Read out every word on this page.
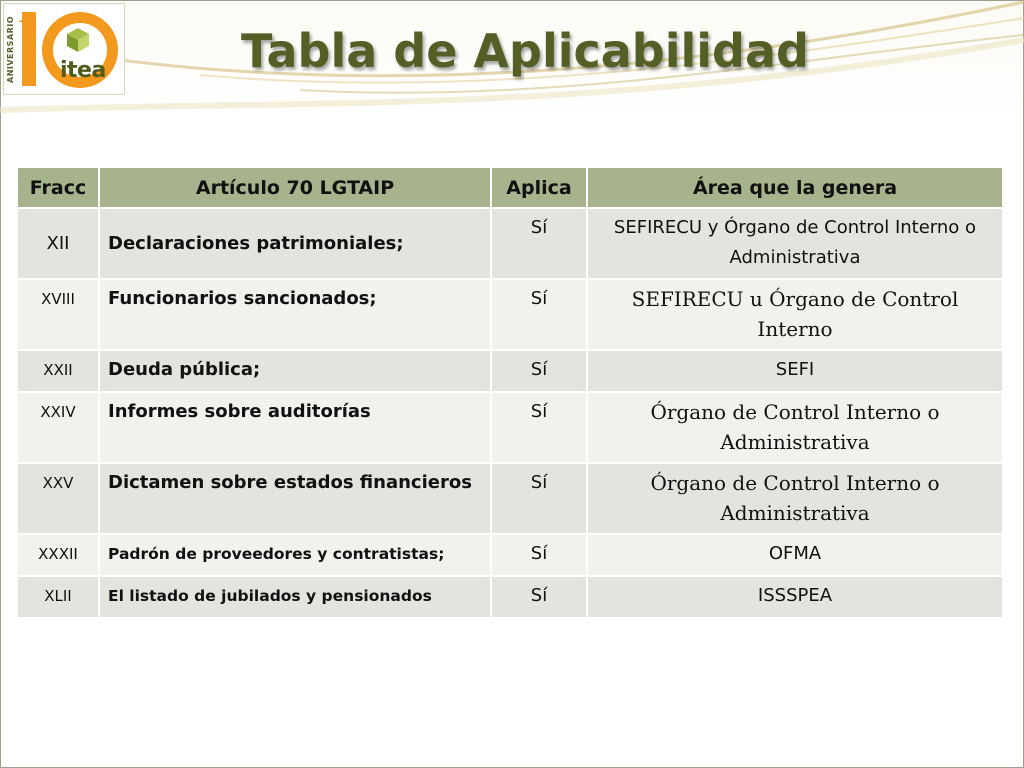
ANIVERSARIO itea	Tabla de Aplicabilidad
Fracc	Artículo 70 LGTAIP	Aplica	Área que la genera
XII	Declaraciones patrimoniales;	Sí	SEFIRECU y Órgano de Control Interno o Administrativa
XVIII	Funcionarios sancionados;	Sí	SEFIRECU u Órgano de Control Interno
XXII	Deuda pública;	Sí	SEFI
XXIV	Informes sobre auditorías	Sí	Órgano de Control Interno o Administrativa
XXV	Dictamen sobre estados financieros	Sí	Órgano de Control Interno o Administrativa
XXXII	Padrón de proveedores y contratistas;	Sí	OFMA
XLII	El listado de jubilados y pensionados	Sí	ISSSPEA
